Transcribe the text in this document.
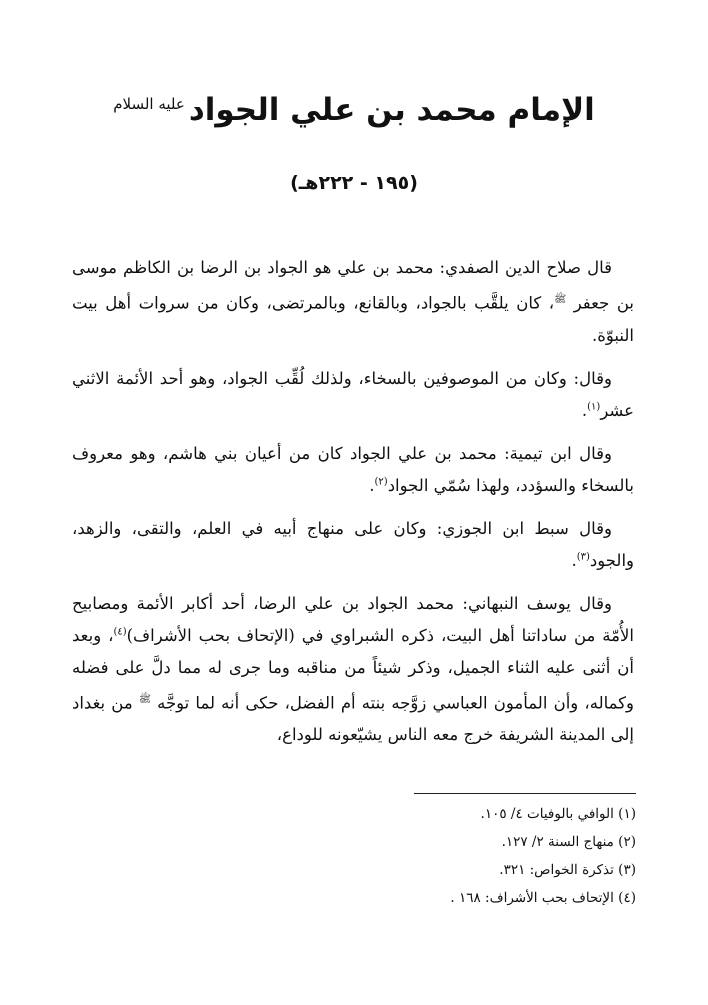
الإمام محمد بن علي الجواد$^{عليه السلام}$
(١٩٥ - ٢٢٢هـ)

قال صلاح الدين الصفدي: محمد بن علي هو الجواد بن الرضا بن الكاظم موسى بن جعفر $^ﷺ$، كان يلقَّب بالجواد، وبالقانع، وبالمرتضى، وكان من سروات أهل بيت النبوّة.

وقال: وكان من الموصوفين بالسخاء، ولذلك لُقِّب الجواد، وهو أحد الأئمة الاثني عشر$^{(١)}$.

وقال ابن تيمية: محمد بن علي الجواد كان من أعيان بني هاشم، وهو معروف بالسخاء والسؤدد، ولهذا سُمّي الجواد$^{(٢)}$.

وقال سبط ابن الجوزي: وكان على منهاج أبيه في العلم، والتقى، والزهد، والجود$^{(٣)}$.

وقال يوسف النبهاني: محمد الجواد بن علي الرضا، أحد أكابر الأئمة ومصابيح الأُمّة من ساداتنا أهل البيت، ذكره الشبراوي في (الإتحاف بحب الأشراف)$^{(٤)}$، وبعد أن أثنى عليه الثناء الجميل، وذكر شيئاً من مناقبه وما جرى له مما دلَّ على فضله وكماله، وأن المأمون العباسي زوَّجه بنته أم الفضل، حكى أنه لما توجَّه $^ﷺ$ من بغداد إلى المدينة الشريفة خرج معه الناس يشيّعونه للوداع،

(١) الوافي بالوفيات ٤/ ١٠٥.
(٢) منهاج السنة ٢/ ١٢٧.
(٣) تذكرة الخواص: ٣٢١.
(٤) الإتحاف بحب الأشراف: ١٦٨ .
